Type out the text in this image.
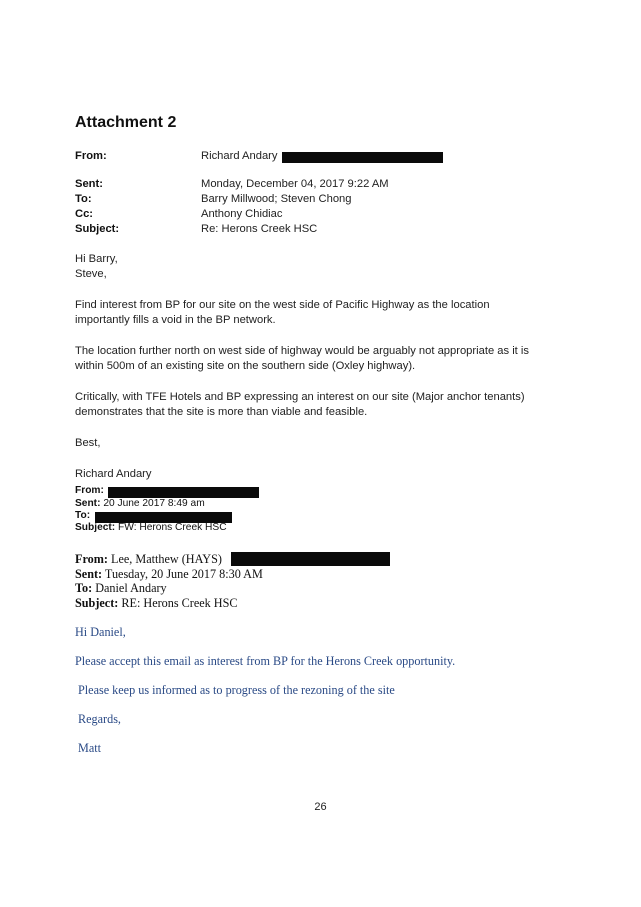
Attachment 2
From:	Richard Andary
Sent:	Monday, December 04, 2017 9:22 AM
To:	Barry Millwood; Steven Chong
Cc:	Anthony Chidiac
Subject:	Re: Herons Creek HSC
Hi Barry,
Steve,
Find interest from BP for our site on the west side of Pacific Highway as the location
importantly fills a void in the BP network.
The location further north on west side of highway would be arguably not appropriate as it is
within 500m of an existing site on the southern side (Oxley highway).
Critically, with TFE Hotels and BP expressing an interest on our site (Major anchor tenants)
demonstrates that the site is more than viable and feasible.
Best,
Richard Andary
From:
Sent: 20 June 2017 8:49 am
To:
Subject: FW: Herons Creek HSC
From: Lee, Matthew (HAYS)
Sent: Tuesday, 20 June 2017 8:30 AM
To: Daniel Andary
Subject: RE: Herons Creek HSC
Hi Daniel,
Please accept this email as interest from BP for the Herons Creek opportunity.
Please keep us informed as to progress of the rezoning of the site
Regards,
Matt
26
